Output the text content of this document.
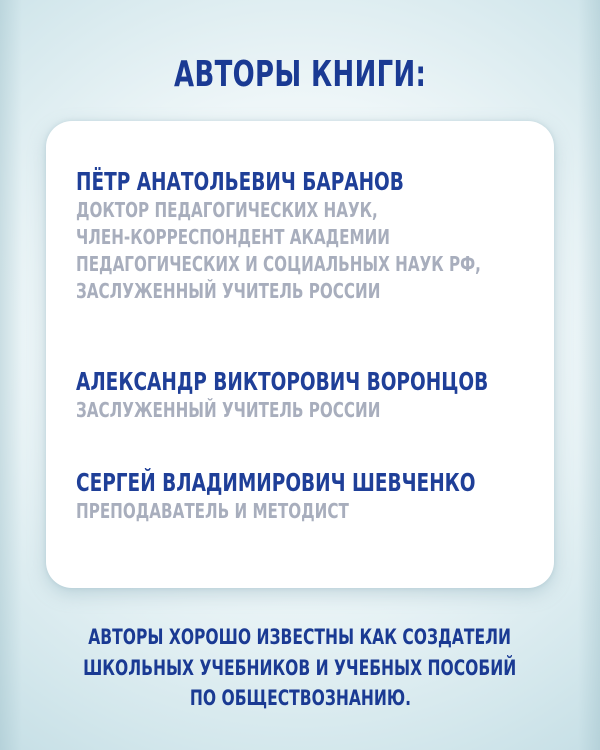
АВТОРЫ КНИГИ:
ПЁТР АНАТОЛЬЕВИЧ БАРАНОВ
ДОКТОР ПЕДАГОГИЧЕСКИХ НАУК,
ЧЛЕН-КОРРЕСПОНДЕНТ АКАДЕМИИ
ПЕДАГОГИЧЕСКИХ И СОЦИАЛЬНЫХ НАУК РФ,
ЗАСЛУЖЕННЫЙ УЧИТЕЛЬ РОССИИ
АЛЕКСАНДР ВИКТОРОВИЧ ВОРОНЦОВ
ЗАСЛУЖЕННЫЙ УЧИТЕЛЬ РОССИИ
СЕРГЕЙ ВЛАДИМИРОВИЧ ШЕВЧЕНКО
ПРЕПОДАВАТЕЛЬ И МЕТОДИСТ
АВТОРЫ ХОРОШО ИЗВЕСТНЫ КАК СОЗДАТЕЛИ
ШКОЛЬНЫХ УЧЕБНИКОВ И УЧЕБНЫХ ПОСОБИЙ
ПО ОБЩЕСТВОЗНАНИЮ.
